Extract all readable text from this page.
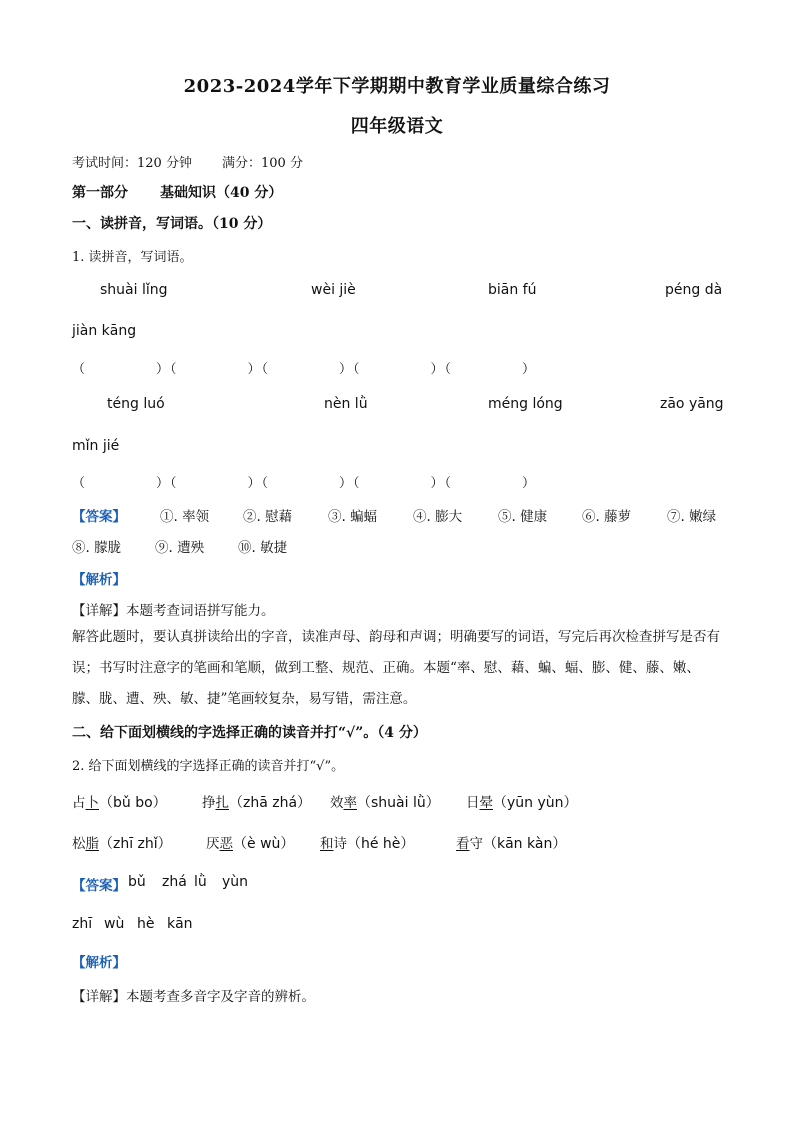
2023-2024学年下学期期中教育学业质量综合练习
四年级语文
考试时间：120 分钟 满分：100 分
第一部分 基础知识（40 分）
一、读拼音，写词语。（10 分）
1. 读拼音，写词语。
shuài lǐng	wèi jiè	biān fú	péng dà
jiàn kāng
（　　　　　）（　　　　　）（　　　　　）（　　　　　）（　　　　　）
téng luó	nèn lǜ	méng lóng	zāo yāng
mǐn jié
（　　　　　）（　　　　　）（　　　　　）（　　　　　）（　　　　　）
【答案】	①. 率领	②. 慰藉	③. 蝙蝠	④. 膨大	⑤. 健康	⑥. 藤萝	⑦. 嫩绿
⑧. 朦胧	⑨. 遭殃	⑩. 敏捷
【解析】
【详解】本题考查词语拼写能力。
解答此题时，要认真拼读给出的字音，读准声母、韵母和声调；明确要写的词语，写完后再次检查拼写是否有误；书写时注意字的笔画和笔顺，做到工整、规范、正确。本题“率、慰、藉、蝙、蝠、膨、健、藤、嫩、朦、胧、遭、殃、敏、捷”笔画较复杂，易写错，需注意。
二、给下面划横线的字选择正确的读音并打“√”。（4 分）
2. 给下面划横线的字选择正确的读音并打“√”。
占卜（bǔ bo）	挣扎（zhā zhá） 效率（shuài lǜ） 日晕（yūn yùn）
松脂（zhī zhǐ）	厌恶（è wù） 和诗（hé hè）	看守（kān kàn）
【答案】 bǔ zhá lǜ yùn
zhī wù hè kān
【解析】
【详解】本题考查多音字及字音的辨析。
